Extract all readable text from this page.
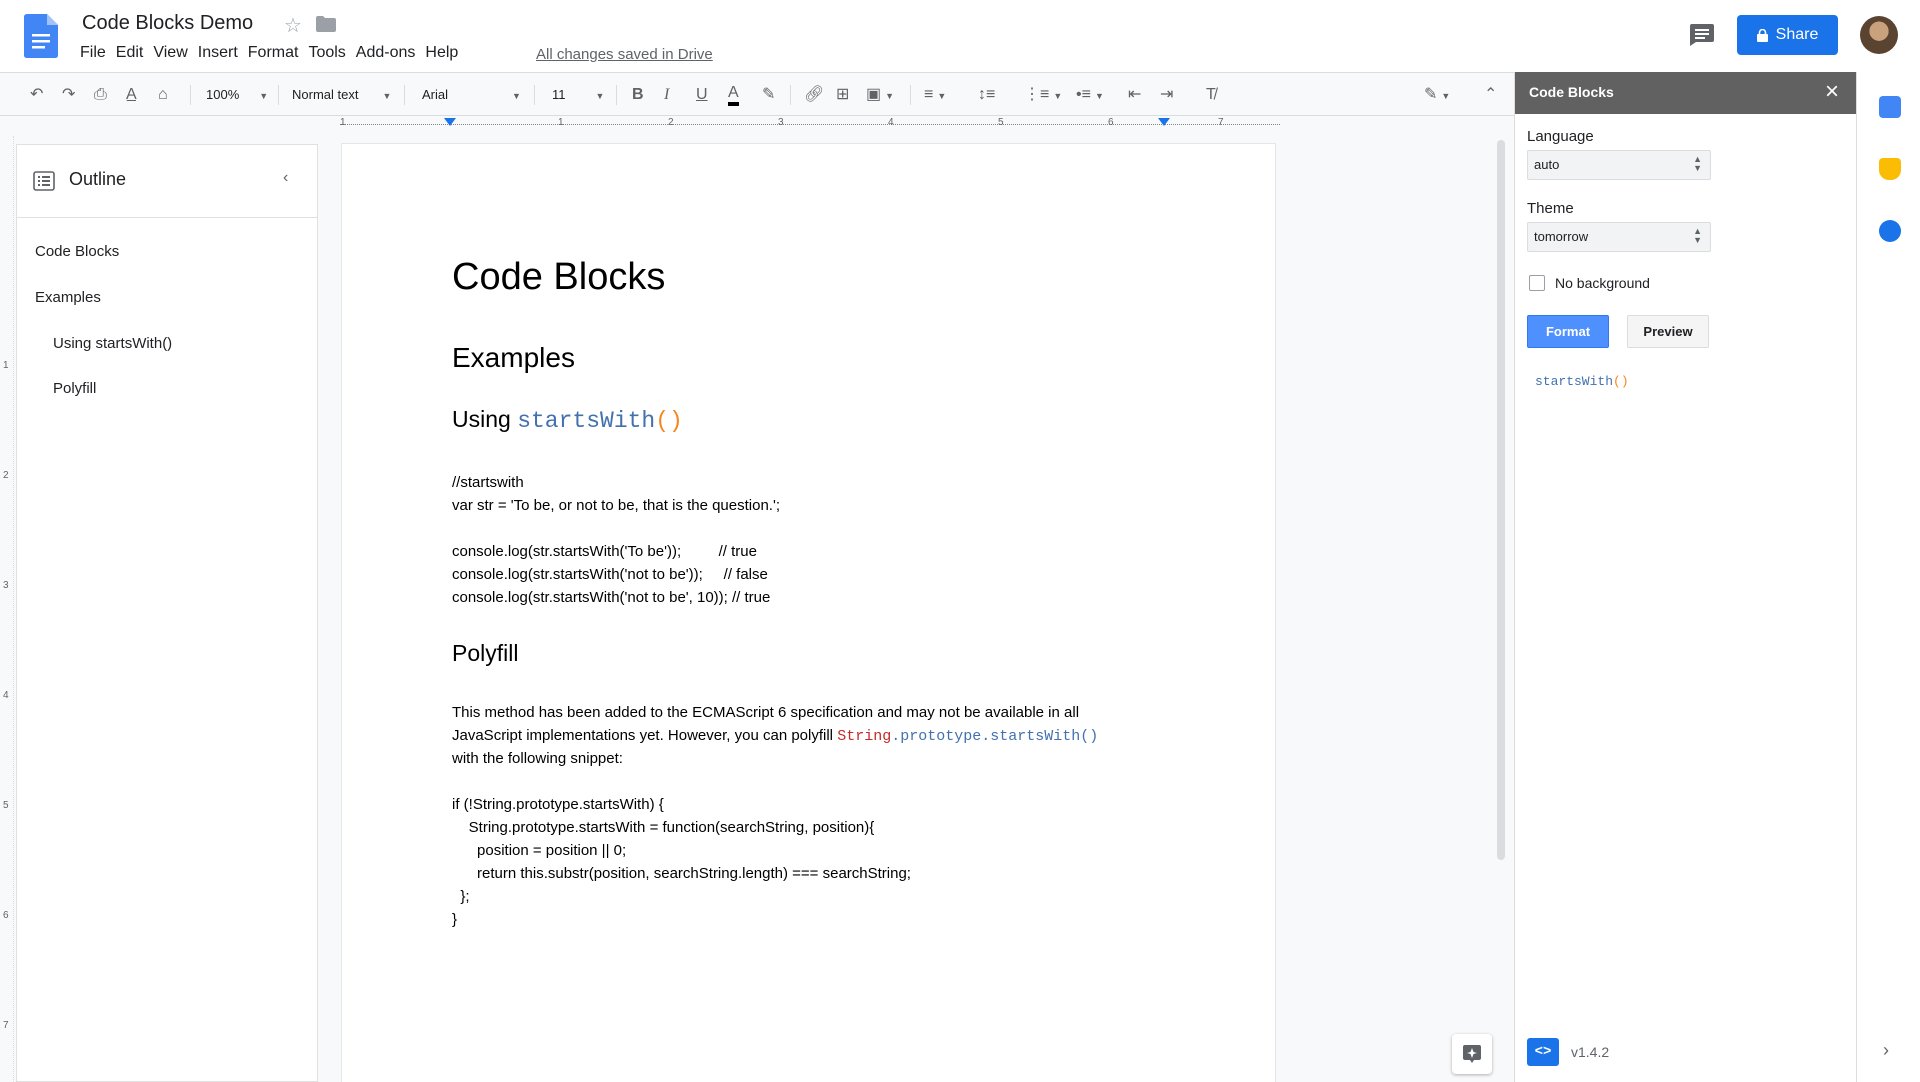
Code Blocks Demo ☆
File Edit View Insert Format Tools Add-ons Help	All changes saved in Drive
Share
↶ ↷ ⎙ A̲ ⌂	100% ▼ Normal text	▼ Arial	▼ 11	▼ B I U A ✎ 🔗︎ ⊞ ▣ ▼ ≡ ▼ ↕≡ ⋮≡ ▼ •≡ ▼ ⇤ ⇥ T̸	✎ ▼ ⌃
1	1	2	3	4	5	6	7
1
2
3
4
5
6
7
Outline	‹
Code Blocks
Examples
Using startsWith()
Polyfill
Code Blocks
Examples
Using startsWith()
//startswith
var str = 'To be, or not to be, that is the question.';
console.log(str.startsWith('To be'));         // true
console.log(str.startsWith('not to be'));     // false
console.log(str.startsWith('not to be', 10)); // true
Polyfill
This method has been added to the ECMAScript 6 specification and may not be available in all
JavaScript implementations yet. However, you can polyfill String.prototype.startsWith()
with the following snippet:
if (!String.prototype.startsWith) {
String.prototype.startsWith = function(searchString, position){
position = position || 0;
return this.substr(position, searchString.length) === searchString;
};
}
Code Blocks	×
Language
auto	▲
▼
Theme
tomorrow	▲
▼
No background
Format	Preview
startsWith()
<>	v1.4.2	›
